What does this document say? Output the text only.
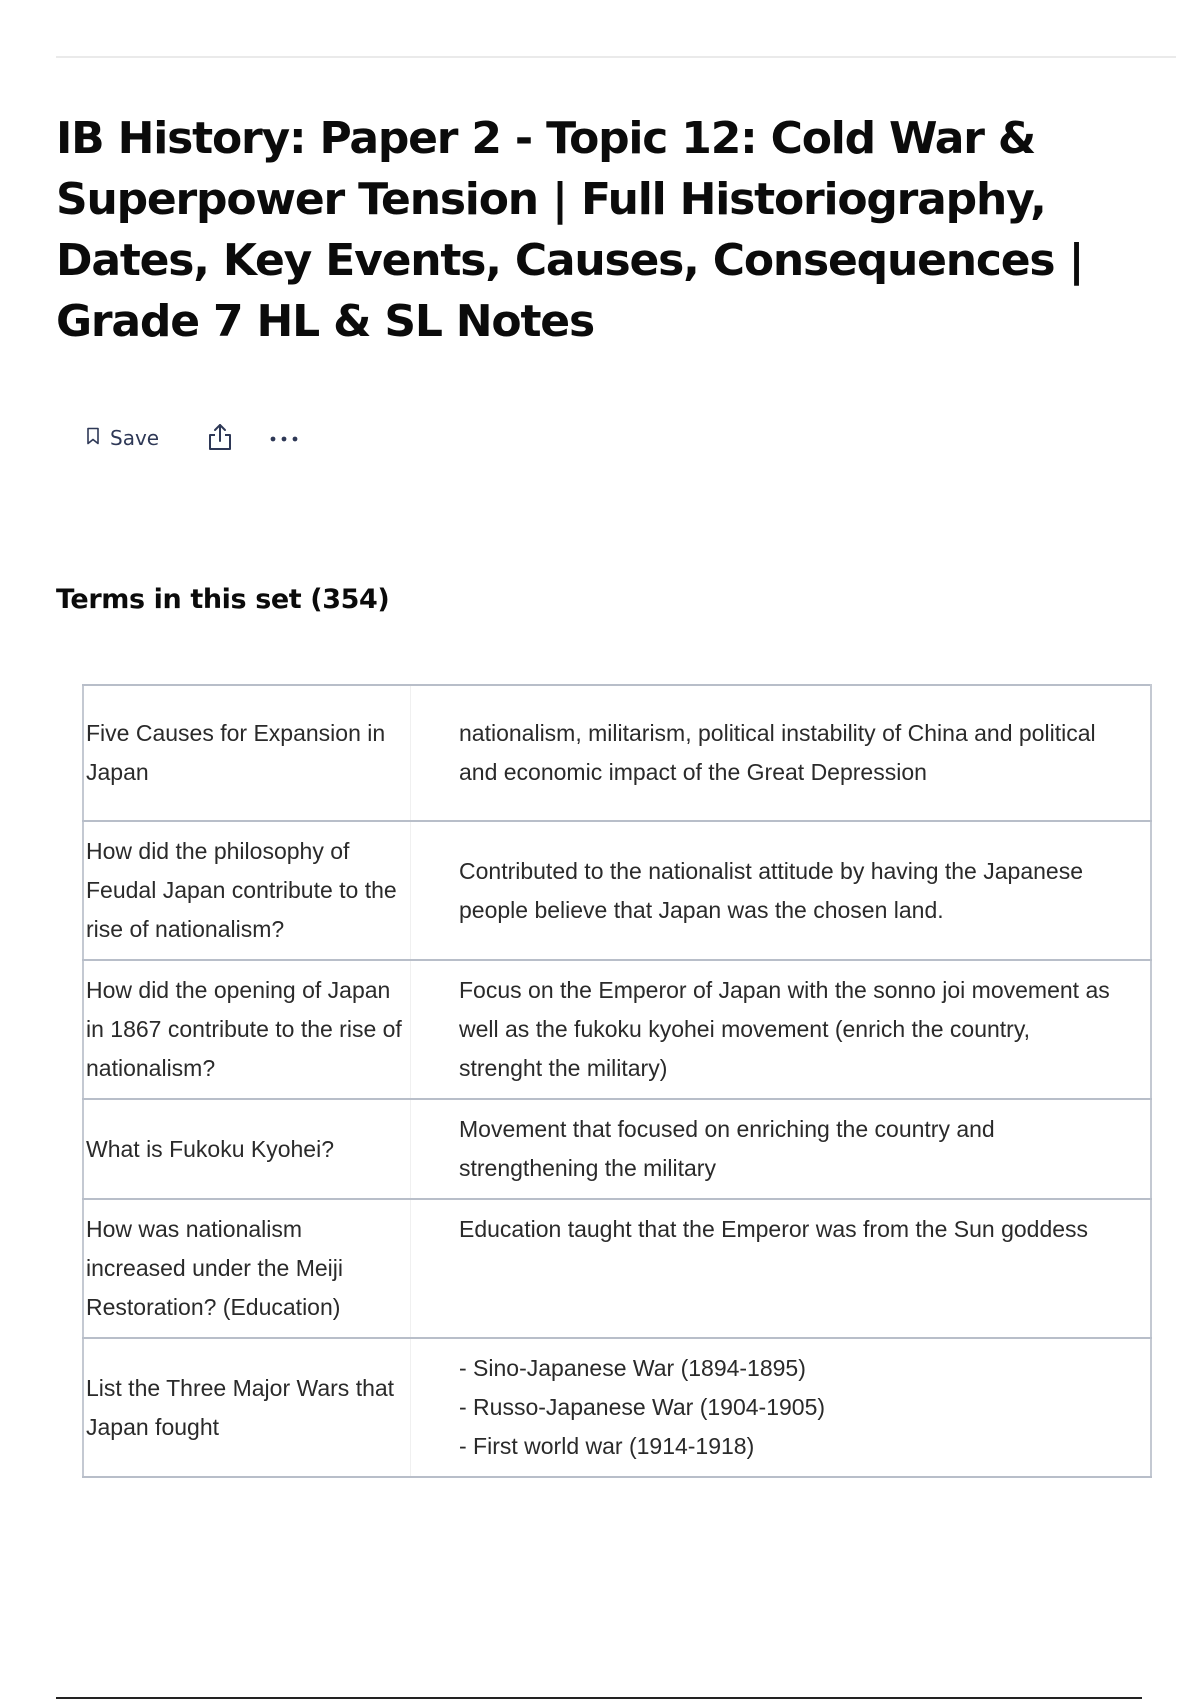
IB History: Paper 2 - Topic 12: Cold War & Superpower Tension | Full Historiography, Dates, Key Events, Causes, Consequences | Grade 7 HL & SL Notes
Save
Terms in this set (354)
Five Causes for Expansion in Japan	nationalism, militarism, political instability of China and political and economic impact of the Great Depression

How did the philosophy of Feudal Japan contribute to the rise of nationalism?	Contributed to the nationalist attitude by having the Japanese people believe that Japan was the chosen land.

How did the opening of Japan in 1867 contribute to the rise of nationalism?	Focus on the Emperor of Japan with the sonno joi movement as well as the fukoku kyohei movement (enrich the country, strenght the military)

What is Fukoku Kyohei?	Movement that focused on enriching the country and strengthening the military

How was nationalism increased under the Meiji Restoration? (Education)	Education taught that the Emperor was from the Sun goddess

List the Three Major Wars that Japan fought	- Sino-Japanese War (1894-1895)
- Russo-Japanese War (1904-1905)
- First world war (1914-1918)
